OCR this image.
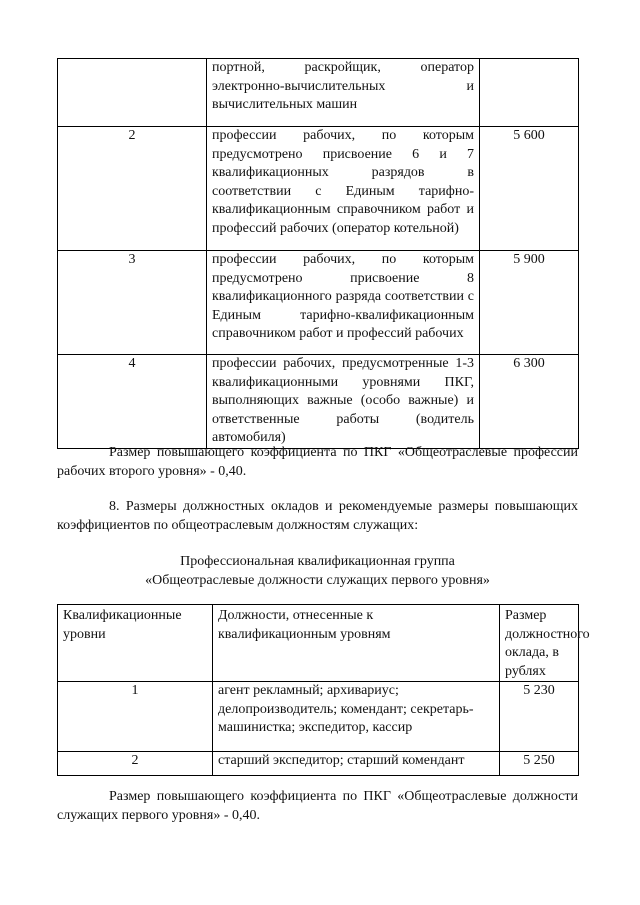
	портной, раскройщик, оператор электронно-вычислительных и вычислительных машин	
2	профессии рабочих, по которым предусмотрено присвоение 6 и 7 квалификационных разрядов в соответствии с Единым тарифно-квалификационным справочником работ и профессий рабочих (оператор котельной)	5 600
3	профессии рабочих, по которым предусмотрено присвоение 8 квалификационного разряда соответствии с Единым тарифно-квалификационным справочником работ и профессий рабочих	5 900
4	профессии рабочих, предусмотренные 1-3 квалификационными уровнями ПКГ, выполняющих важные (особо важные) и ответственные работы (водитель автомобиля)	6 300

Размер повышающего коэффициента по ПКГ «Общеотраслевые профессии рабочих второго уровня» - 0,40.

8. Размеры должностных окладов и рекомендуемые размеры повышающих коэффициентов по общеотраслевым должностям служащих:

Профессиональная квалификационная группа
«Общеотраслевые должности служащих первого уровня»
Квалификационные уровни	Должности, отнесенные к квалификационным уровням	Размер должностного оклада, в рублях
1	агент рекламный; архивариус; делопроизводитель; комендант; секретарь-машинистка; экспедитор, кассир	5 230
2	старший экспедитор; старший комендант	5 250

Размер повышающего коэффициента по ПКГ «Общеотраслевые должности служащих первого уровня» - 0,40.
